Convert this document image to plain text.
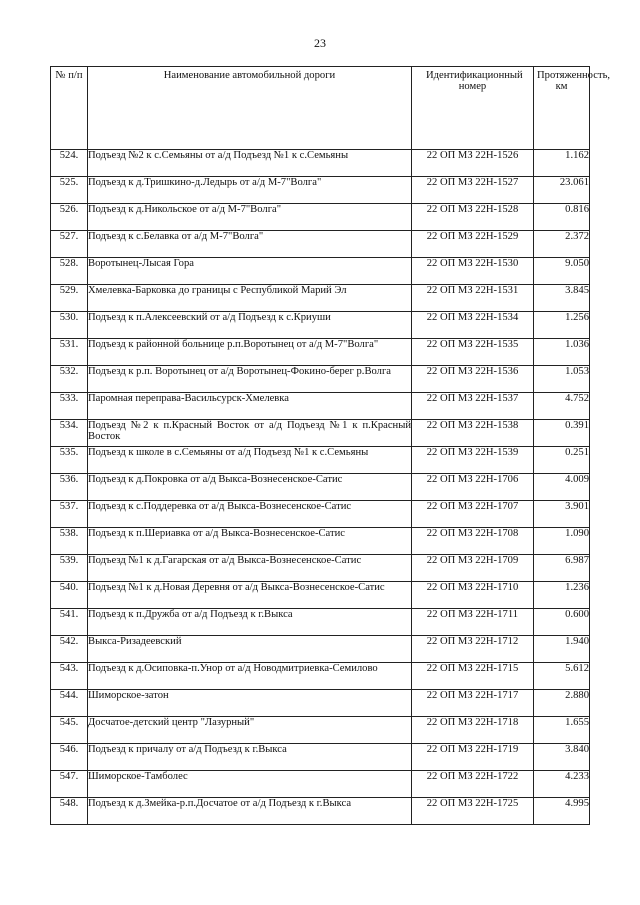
23
№ п/п	Наименование автомобильной дороги	Идентификационный номер	Протяженность, км
524.	Подъезд №2 к с.Семьяны от а/д Подъезд №1 к с.Семьяны	22 ОП МЗ 22Н-1526	1.162
525.	Подъезд к д.Тришкино-д.Ледырь от а/д М-7"Волга"	22 ОП МЗ 22Н-1527	23.061
526.	Подъезд к д.Никольское от а/д М-7"Волга"	22 ОП МЗ 22Н-1528	0.816
527.	Подъезд к с.Белавка от а/д М-7"Волга"	22 ОП МЗ 22Н-1529	2.372
528.	Воротынец-Лысая Гора	22 ОП МЗ 22Н-1530	9.050
529.	Хмелевка-Барковка до границы с Республикой Марий Эл	22 ОП МЗ 22Н-1531	3.845
530.	Подъезд к п.Алексеевский от а/д Подъезд к с.Криуши	22 ОП МЗ 22Н-1534	1.256
531.	Подъезд к районной больнице р.п.Воротынец от а/д М-7"Волга"	22 ОП МЗ 22Н-1535	1.036
532.	Подъезд к р.п. Воротынец от а/д Воротынец-Фокино-берег р.Волга	22 ОП МЗ 22Н-1536	1.053
533.	Паромная переправа-Васильсурск-Хмелевка	22 ОП МЗ 22Н-1537	4.752
534.	Подъезд №2 к п.Красный Восток от а/д Подъезд №1 к п.Красный Восток	22 ОП МЗ 22Н-1538	0.391
535.	Подъезд к школе в с.Семьяны от а/д Подъезд №1 к с.Семьяны	22 ОП МЗ 22Н-1539	0.251
536.	Подъезд к д.Покровка от а/д Выкса-Вознесенское-Сатис	22 ОП МЗ 22Н-1706	4.009
537.	Подъезд к с.Поддеревка от а/д Выкса-Вознесенское-Сатис	22 ОП МЗ 22Н-1707	3.901
538.	Подъезд к п.Шериавка от а/д Выкса-Вознесенское-Сатис	22 ОП МЗ 22Н-1708	1.090
539.	Подъезд №1 к д.Гагарская от а/д Выкса-Вознесенское-Сатис	22 ОП МЗ 22Н-1709	6.987
540.	Подъезд №1 к д.Новая Деревня от а/д Выкса-Вознесенское-Сатис	22 ОП МЗ 22Н-1710	1.236
541.	Подъезд к п.Дружба от а/д Подъезд к г.Выкса	22 ОП МЗ 22Н-1711	0.600
542.	Выкса-Ризадеевский	22 ОП МЗ 22Н-1712	1.940
543.	Подъезд к д.Осиповка-п.Унор от а/д Новодмитриевка-Семилово	22 ОП МЗ 22Н-1715	5.612
544.	Шиморское-затон	22 ОП МЗ 22Н-1717	2.880
545.	Досчатое-детский центр "Лазурный"	22 ОП МЗ 22Н-1718	1.655
546.	Подъезд к причалу от а/д Подъезд к г.Выкса	22 ОП МЗ 22Н-1719	3.840
547.	Шиморское-Тамболес	22 ОП МЗ 22Н-1722	4.233
548.	Подъезд к д.Змейка-р.п.Досчатое от а/д Подъезд к г.Выкса	22 ОП МЗ 22Н-1725	4.995
